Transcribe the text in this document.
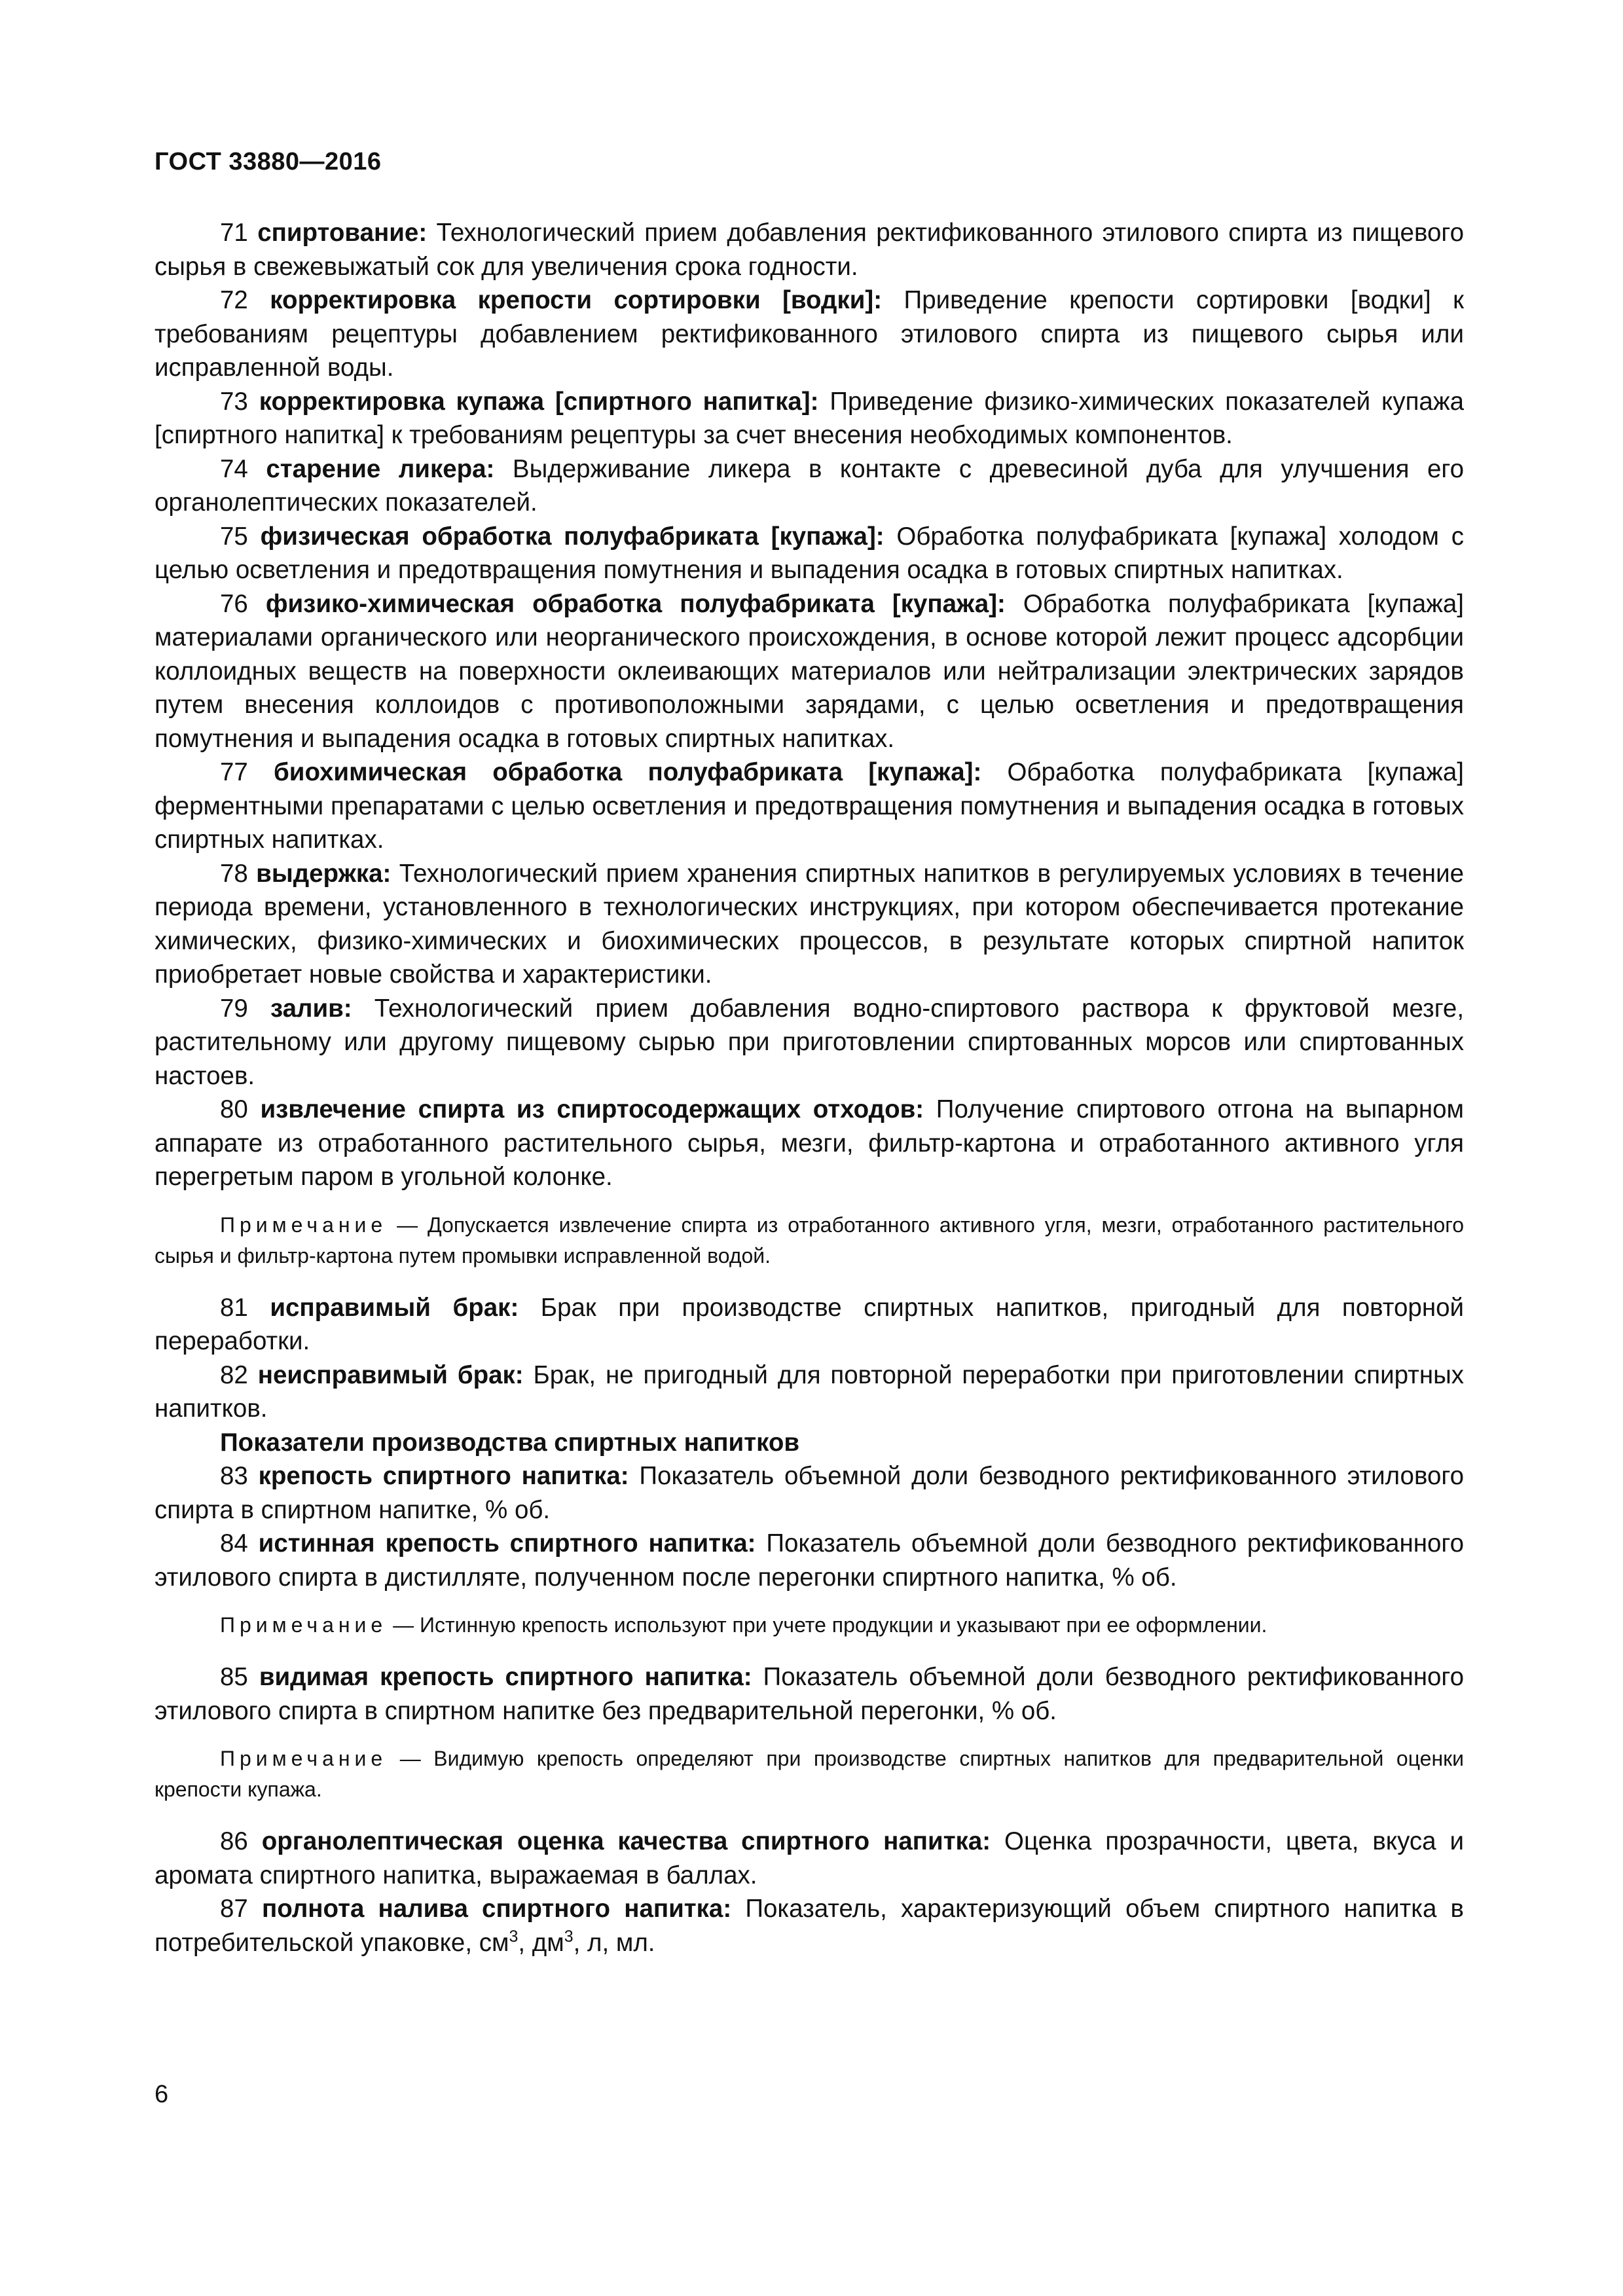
ГОСТ 33880—2016

71 спиртование: Технологический прием добавления ректификованного этилового спирта из пищевого сырья в свежевыжатый сок для увеличения срока годности.

72 корректировка крепости сортировки [водки]: Приведение крепости сортировки [водки] к требованиям рецептуры добавлением ректификованного этилового спирта из пищевого сырья или исправленной воды.

73 корректировка купажа [спиртного напитка]: Приведение физико-химических показателей купажа [спиртного напитка] к требованиям рецептуры за счет внесения необходимых компонентов.

74 старение ликера: Выдерживание ликера в контакте с древесиной дуба для улучшения его органолептических показателей.

75 физическая обработка полуфабриката [купажа]: Обработка полуфабриката [купажа] холодом с целью осветления и предотвращения помутнения и выпадения осадка в готовых спиртных напитках.

76 физико-химическая обработка полуфабриката [купажа]: Обработка полуфабриката [купажа] материалами органического или неорганического происхождения, в основе которой лежит процесс адсорбции коллоидных веществ на поверхности оклеивающих материалов или нейтрализации электрических зарядов путем внесения коллоидов с противоположными зарядами, с целью осветления и предотвращения помутнения и выпадения осадка в готовых спиртных напитках.

77 биохимическая обработка полуфабриката [купажа]: Обработка полуфабриката [купажа] ферментными препаратами с целью осветления и предотвращения помутнения и выпадения осадка в готовых спиртных напитках.

78 выдержка: Технологический прием хранения спиртных напитков в регулируемых условиях в течение периода времени, установленного в технологических инструкциях, при котором обеспечивается протекание химических, физико-химических и биохимических процессов, в результате которых спиртной напиток приобретает новые свойства и характеристики.

79 залив: Технологический прием добавления водно-спиртового раствора к фруктовой мезге, растительному или другому пищевому сырью при приготовлении спиртованных морсов или спиртованных настоев.

80 извлечение спирта из спиртосодержащих отходов: Получение спиртового отгона на выпарном аппарате из отработанного растительного сырья, мезги, фильтр-картона и отработанного активного угля перегретым паром в угольной колонке.

Примечание — Допускается извлечение спирта из отработанного активного угля, мезги, отработанного растительного сырья и фильтр-картона путем промывки исправленной водой.

81 исправимый брак: Брак при производстве спиртных напитков, пригодный для повторной переработки.

82 неисправимый брак: Брак, не пригодный для повторной переработки при приготовлении спиртных напитков.

Показатели производства спиртных напитков

83 крепость спиртного напитка: Показатель объемной доли безводного ректификованного этилового спирта в спиртном напитке, % об.

84 истинная крепость спиртного напитка: Показатель объемной доли безводного ректификованного этилового спирта в дистилляте, полученном после перегонки спиртного напитка, % об.

Примечание — Истинную крепость используют при учете продукции и указывают при ее оформлении.

85 видимая крепость спиртного напитка: Показатель объемной доли безводного ректификованного этилового спирта в спиртном напитке без предварительной перегонки, % об.

Примечание — Видимую крепость определяют при производстве спиртных напитков для предварительной оценки крепости купажа.

86 органолептическая оценка качества спиртного напитка: Оценка прозрачности, цвета, вкуса и аромата спиртного напитка, выражаемая в баллах.

87 полнота налива спиртного напитка: Показатель, характеризующий объем спиртного напитка в потребительской упаковке, $см^3$, $дм^3$, л, мл.

6
